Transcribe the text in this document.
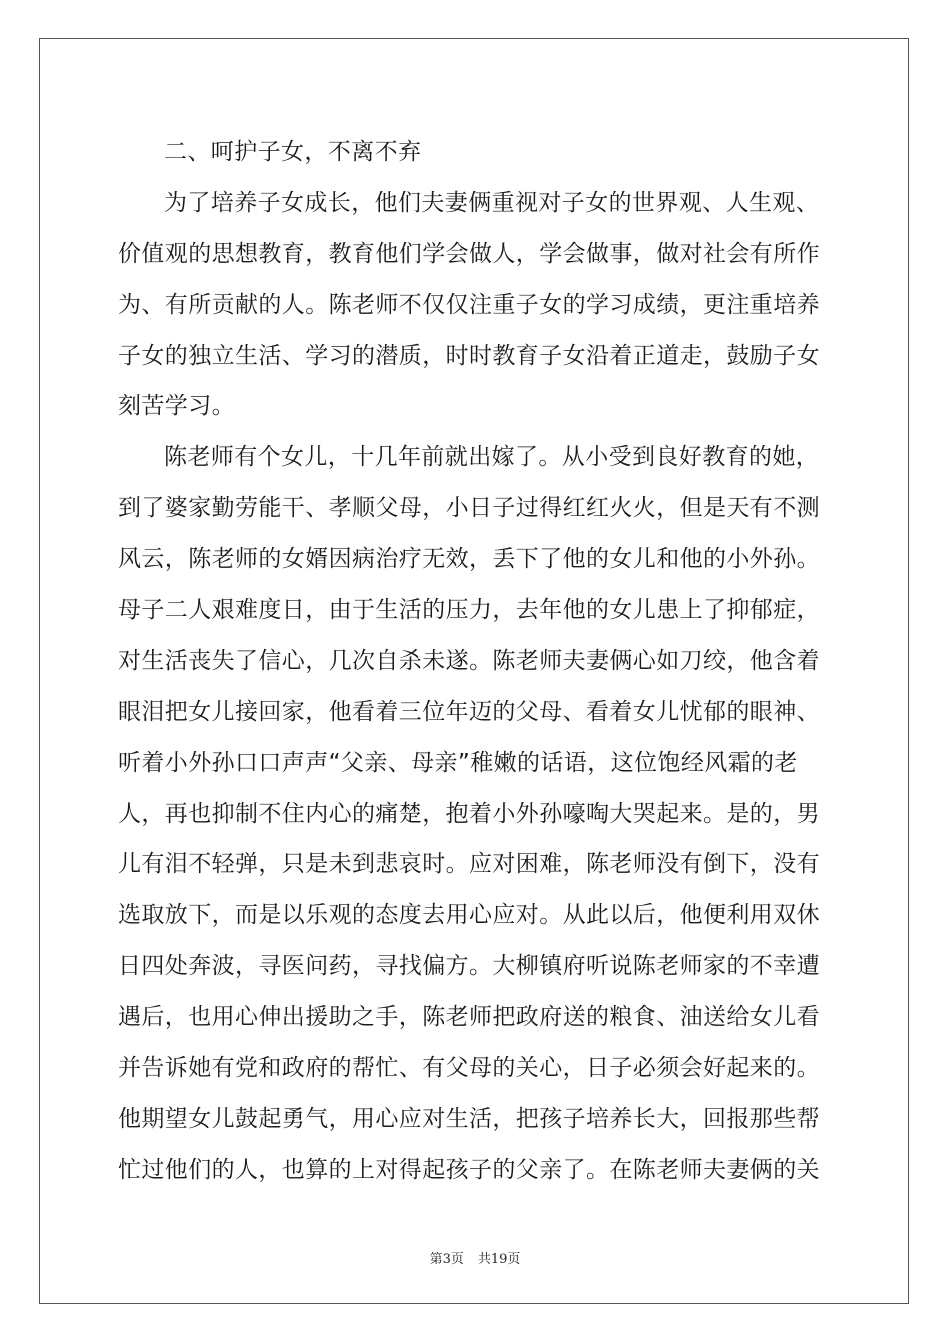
二、呵护子女，不离不弃
为了培养子女成长，他们夫妻俩重视对子女的世界观、人生观、
价值观的思想教育，教育他们学会做人，学会做事，做对社会有所作
为、有所贡献的人。陈老师不仅仅注重子女的学习成绩，更注重培养
子女的独立生活、学习的潜质，时时教育子女沿着正道走，鼓励子女
刻苦学习。
陈老师有个女儿，十几年前就出嫁了。从小受到良好教育的她，
到了婆家勤劳能干、孝顺父母，小日子过得红红火火，但是天有不测
风云，陈老师的女婿因病治疗无效，丢下了他的女儿和他的小外孙。
母子二人艰难度日，由于生活的压力，去年他的女儿患上了抑郁症，
对生活丧失了信心，几次自杀未遂。陈老师夫妻俩心如刀绞，他含着
眼泪把女儿接回家，他看着三位年迈的父母、看着女儿忧郁的眼神、
听着小外孙口口声声“父亲、母亲”稚嫩的话语，这位饱经风霜的老
人，再也抑制不住内心的痛楚，抱着小外孙嚎啕大哭起来。是的，男
儿有泪不轻弹，只是未到悲哀时。应对困难，陈老师没有倒下，没有
选取放下，而是以乐观的态度去用心应对。从此以后，他便利用双休
日四处奔波，寻医问药，寻找偏方。大柳镇府听说陈老师家的不幸遭
遇后，也用心伸出援助之手，陈老师把政府送的粮食、油送给女儿看
并告诉她有党和政府的帮忙、有父母的关心，日子必须会好起来的。
他期望女儿鼓起勇气，用心应对生活，把孩子培养长大，回报那些帮
忙过他们的人，也算的上对得起孩子的父亲了。在陈老师夫妻俩的关
第3页 共19页
